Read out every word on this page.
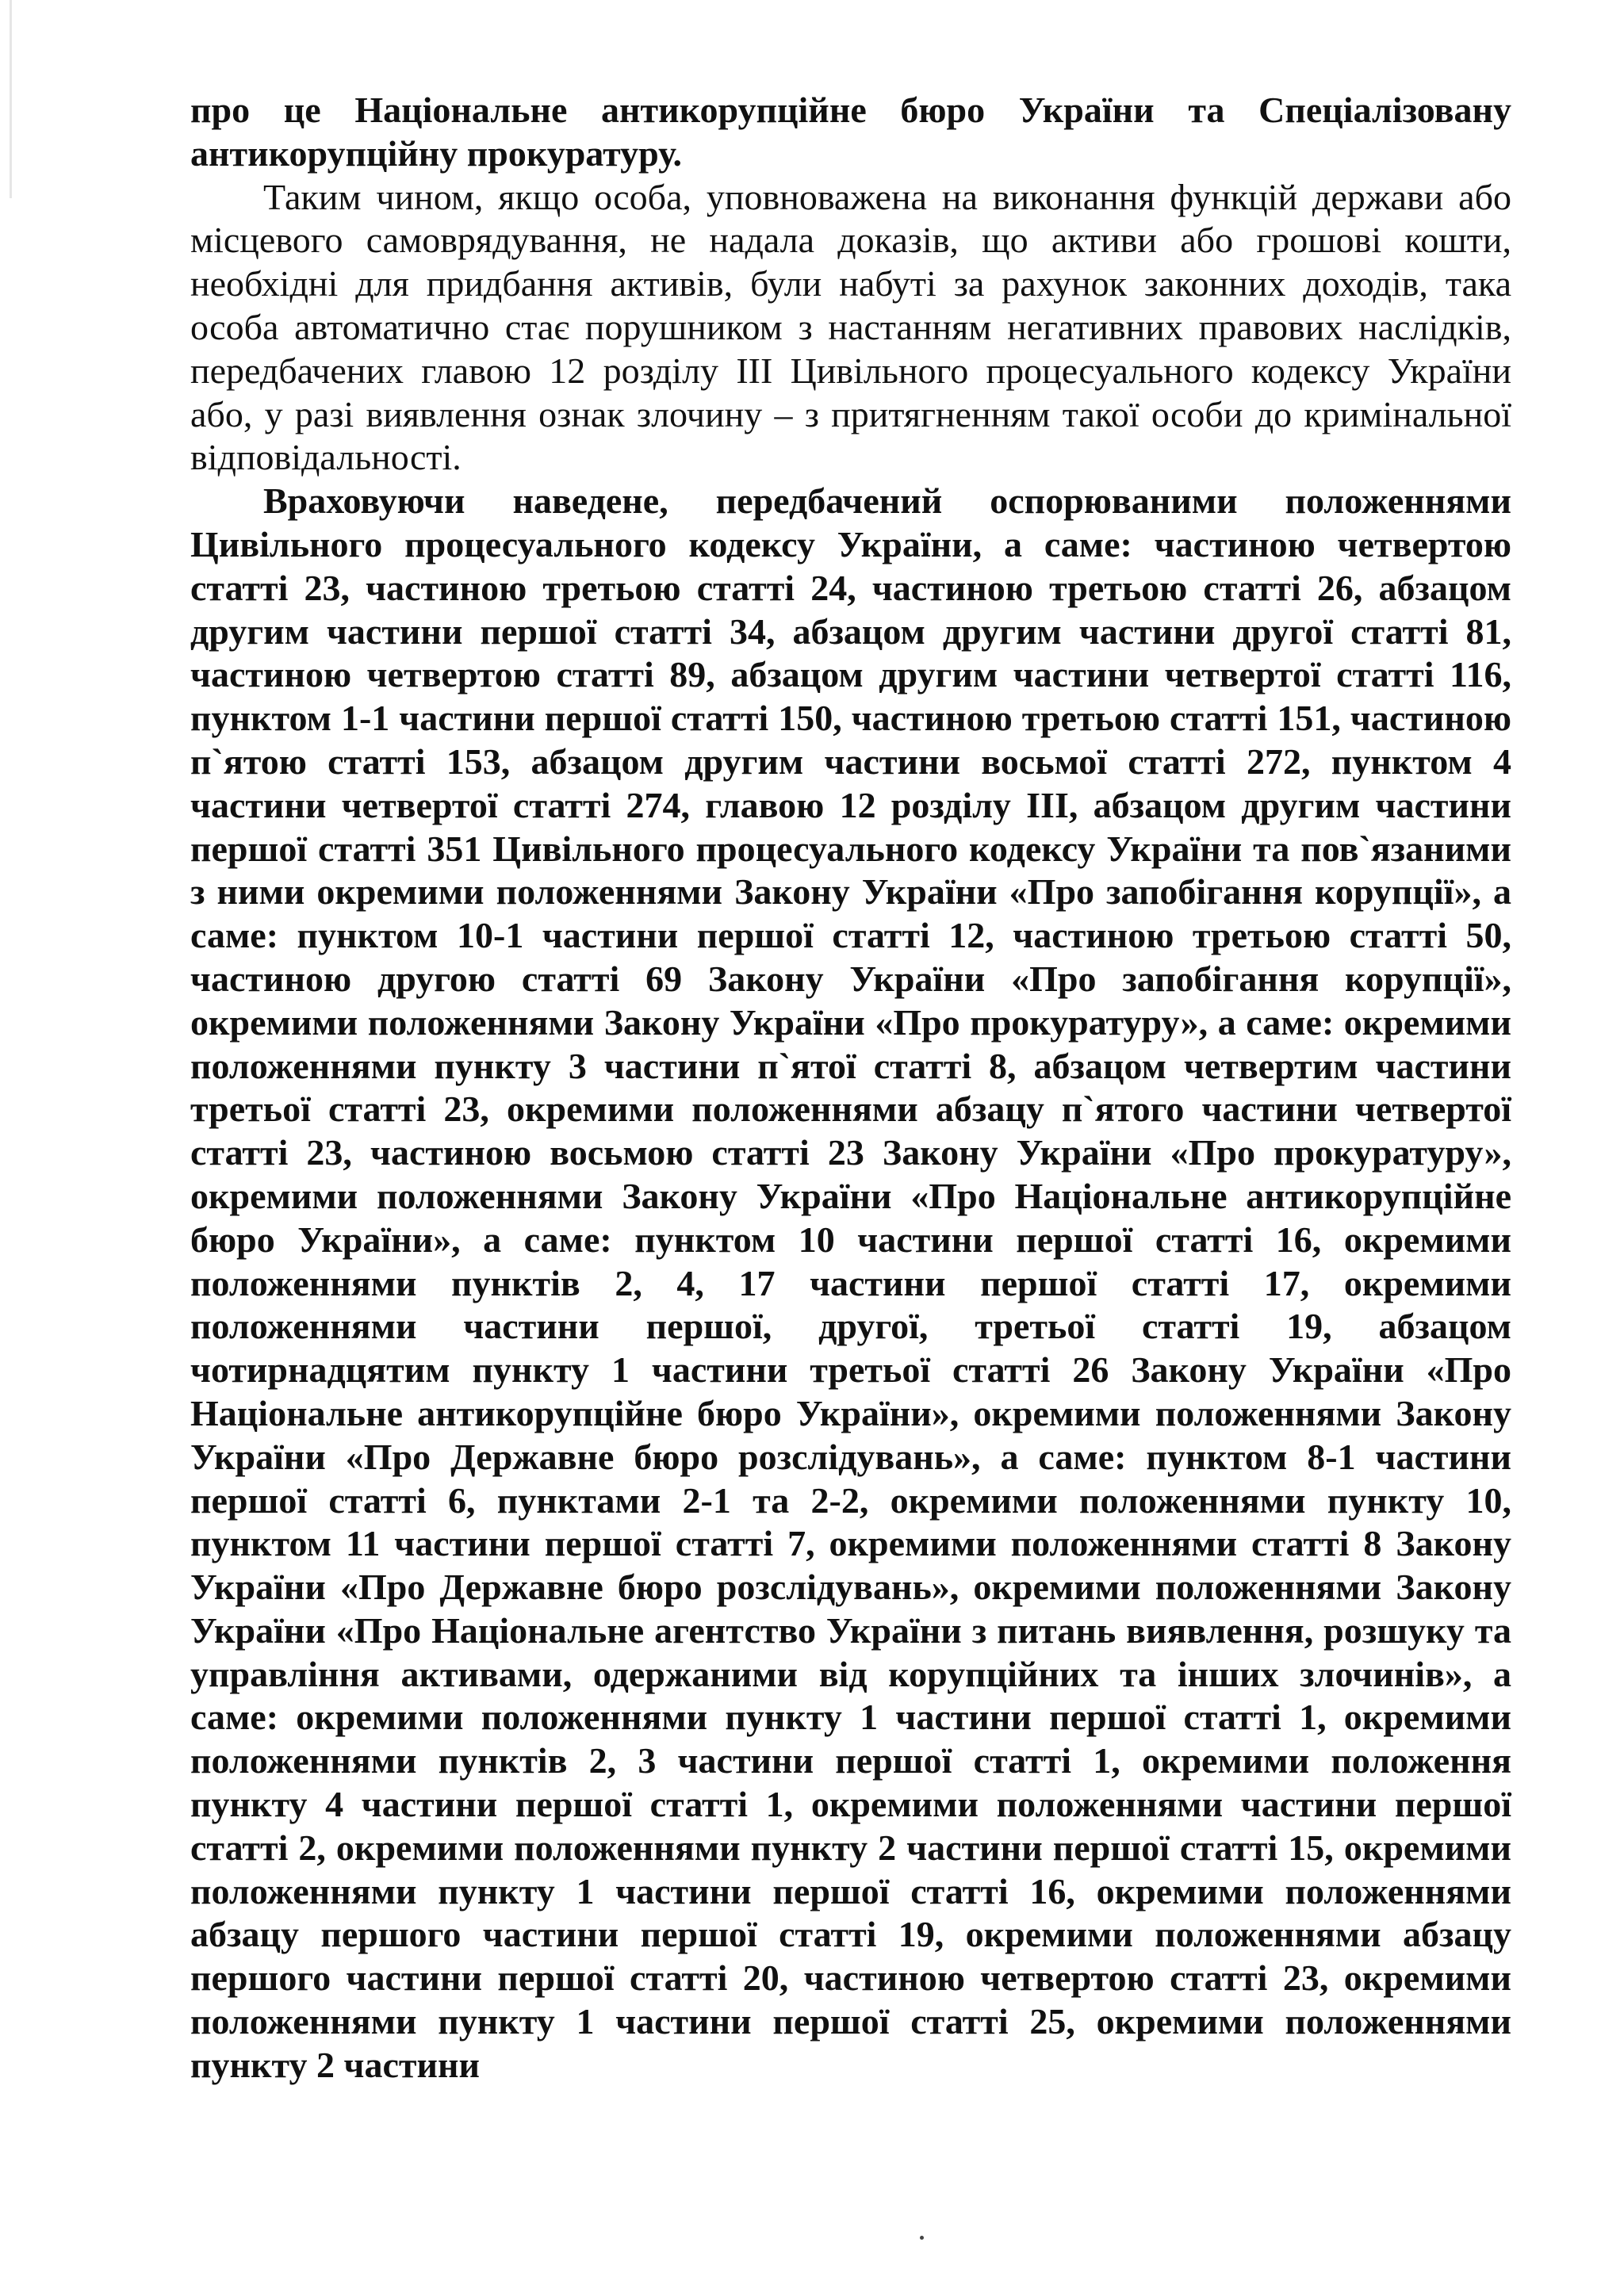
про це Національне антикорупційне бюро України та Спеціалізовану антикорупційну прокуратуру.

Таким чином, якщо особа, уповноважена на виконання функцій держави або місцевого самоврядування, не надала доказів, що активи або грошові кошти, необхідні для придбання активів, були набуті за рахунок законних доходів, така особа автоматично стає порушником з настанням негативних правових наслідків, передбачених главою 12 розділу III Цивільного процесуального кодексу України або, у разі виявлення ознак злочину – з притягненням такої особи до кримінальної відповідальності.

Враховуючи наведене, передбачений оспорюваними положеннями Цивільного процесуального кодексу України, а саме: частиною четвертою статті 23, частиною третьою статті 24, частиною третьою статті 26, абзацом другим частини першої статті 34, абзацом другим частини другої статті 81, частиною четвертою статті 89, абзацом другим частини четвертої статті 116, пунктом 1-1 частини першої статті 150, частиною третьою статті 151, частиною п`ятою статті 153, абзацом другим частини восьмої статті 272, пунктом 4 частини четвертої статті 274, главою 12 розділу III, абзацом другим частини першої статті 351 Цивільного процесуального кодексу України та пов`язаними з ними окремими положеннями Закону України «Про запобігання корупції», а саме: пунктом 10-1 частини першої статті 12, частиною третьою статті 50, частиною другою статті 69 Закону України «Про запобігання корупції», окремими положеннями Закону України «Про прокуратуру», а саме: окремими положеннями пункту 3 частини п`ятої статті 8, абзацом четвертим частини третьої статті 23, окремими положеннями абзацу п`ятого частини четвертої статті 23, частиною восьмою статті 23 Закону України «Про прокуратуру», окремими положеннями Закону України «Про Національне антикорупційне бюро України», а саме: пунктом 10 частини першої статті 16, окремими положеннями пунктів 2, 4, 17 частини першої статті 17, окремими положеннями частини першої, другої, третьої статті 19, абзацом чотирнадцятим пункту 1 частини третьої статті 26 Закону України «Про Національне антикорупційне бюро України», окремими положеннями Закону України «Про Державне бюро розслідувань», а саме: пунктом 8-1 частини першої статті 6, пунктами 2-1 та 2-2, окремими положеннями пункту 10, пунктом 11 частини першої статті 7, окремими положеннями статті 8 Закону України «Про Державне бюро розслідувань», окремими положеннями Закону України «Про Національне агентство України з питань виявлення, розшуку та управління активами, одержаними від корупційних та інших злочинів», а саме: окремими положеннями пункту 1 частини першої статті 1, окремими положеннями пунктів 2, 3 частини першої статті 1, окремими положення пункту 4 частини першої статті 1, окремими положеннями частини першої статті 2, окремими положеннями пункту 2 частини першої статті 15, окремими положеннями пункту 1 частини першої статті 16, окремими положеннями абзацу першого частини першої статті 19, окремими положеннями абзацу першого частини першої статті 20, частиною четвертою статті 23, окремими положеннями пункту 1 частини першої статті 25, окремими положеннями пункту 2 частини
